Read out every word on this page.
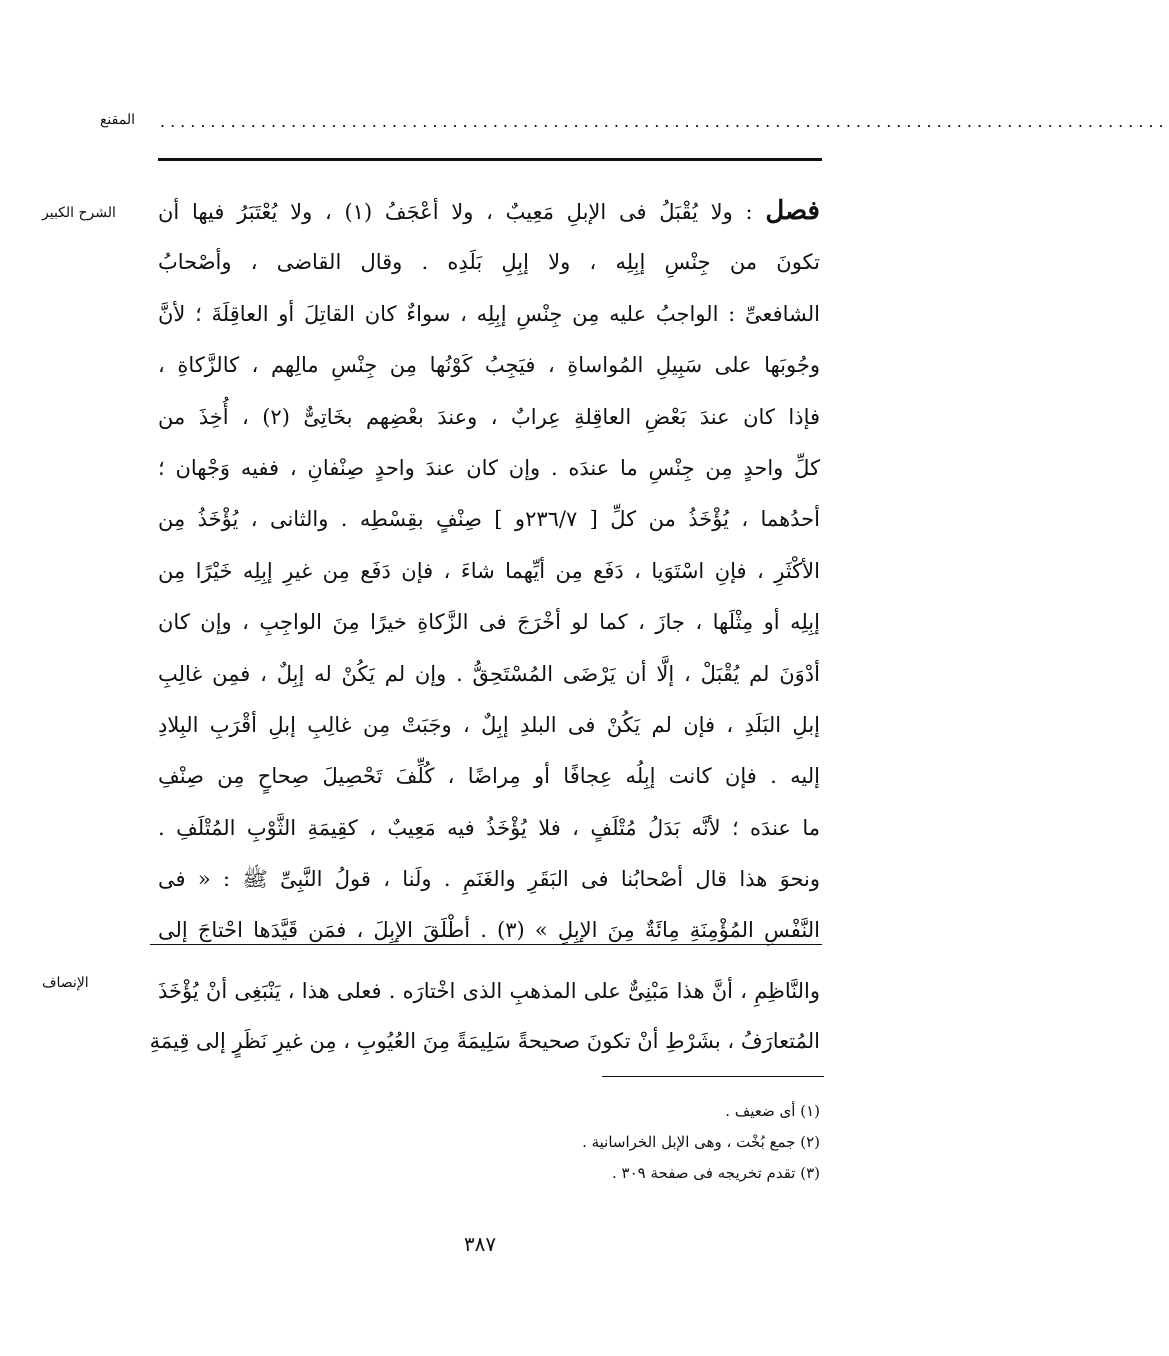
المقنع ....................................................................................................
الشرح الكبير	فصل : ولا يُقْبَلُ فى الإبلِ مَعِيبٌ ، ولا أعْجَفُ (١) ، ولا يُعْتَبَرُ فيها أن
تكونَ من جِنْسِ إبِلِه ، ولا إبِلِ بَلَدِه . وقال القاضى ، وأصْحابُ
الشافعىِّ : الواجبُ عليه مِن جِنْسِ إبِلِه ، سواءٌ كان القاتِلَ أو العاقِلَةَ ؛ لأنَّ
وجُوبَها على سَبِيلِ المُواساةِ ، فيَجِبُ كَوْنُها مِن جِنْسِ مالِهم ، كالزَّكاةِ ،
فإذا كان عندَ بَعْضِ العاقِلةِ عِرابٌ ، وعندَ بعْضِهم بخَاتِىٌّ (٢) ، أُخِذَ من
كلِّ واحدٍ مِن جِنْسِ ما عندَه . وإن كان عندَ واحدٍ صِنْفانِ ، ففيه وَجْهان ؛
أحدُهما ، يُؤْخَذُ من كلِّ [ ٢٣٦/٧و ] صِنْفٍ بقِسْطِه . والثانى ، يُؤْخَذُ مِن
الأكْثَرِ ، فإنِ اسْتَوَيا ، دَفَع مِن أيِّهما شاءَ ، فإن دَفَع مِن غيرِ إبِلِه خَيْرًا مِن
إبِلِه أو مِثْلَها ، جازَ ، كما لو أخْرَجَ فى الزَّكاةِ خيرًا مِنَ الواجِبِ ، وإن كان
أدْوَنَ لم يُقْبَلْ ، إلَّا أن يَرْضَى المُسْتَحِقُّ . وإن لم يَكُنْ له إبِلٌ ، فمِن غالِبِ
إبلِ البَلَدِ ، فإن لم يَكُنْ فى البلدِ إبِلٌ ، وجَبَتْ مِن غالِبِ إبلِ أقْرَبِ البِلادِ
إليه . فإن كانت إبِلُه عِجافًا أو مِراضًا ، كُلِّفَ تَحْصِيلَ صِحاحٍ مِن صِنْفِ
ما عندَه ؛ لأنَّه بَدَلُ مُتْلَفٍ ، فلا يُؤْخَذُ فيه مَعِيبٌ ، كقِيمَةِ الثَّوْبِ المُتْلَفِ .
ونحوَ هذا قال أصْحابُنا فى البَقَرِ والغَنَمِ . ولَنا ، قولُ النَّبِىِّ ﷺ : « فى
النَّفْسِ المُؤْمِنَةِ مِائَةٌ مِنَ الإبِلِ » (٣) . أطْلَقَ الإبِلَ ، فمَن قَيَّدَها احْتاجَ إلى
الإنصاف	والنَّاظِمِ ، أنَّ هذا مَبْنِىٌّ على المذهبِ الذى اخْتارَه . فعلى هذا ، يَنْبَغِى أنْ يُؤْخَذَ
المُتعارَفُ ، بشَرْطِ أنْ تكونَ صحيحةً سَلِيمَةً مِنَ العُيُوبِ ، مِن غيرِ نَظَرٍ إلى قِيمَةِ
(١) أى ضعيف .
(٢) جمع بُخْت ، وهى الإبل الخراسانية .
(٣) تقدم تخريجه فى صفحة ٣٠٩ .
٣٨٧
